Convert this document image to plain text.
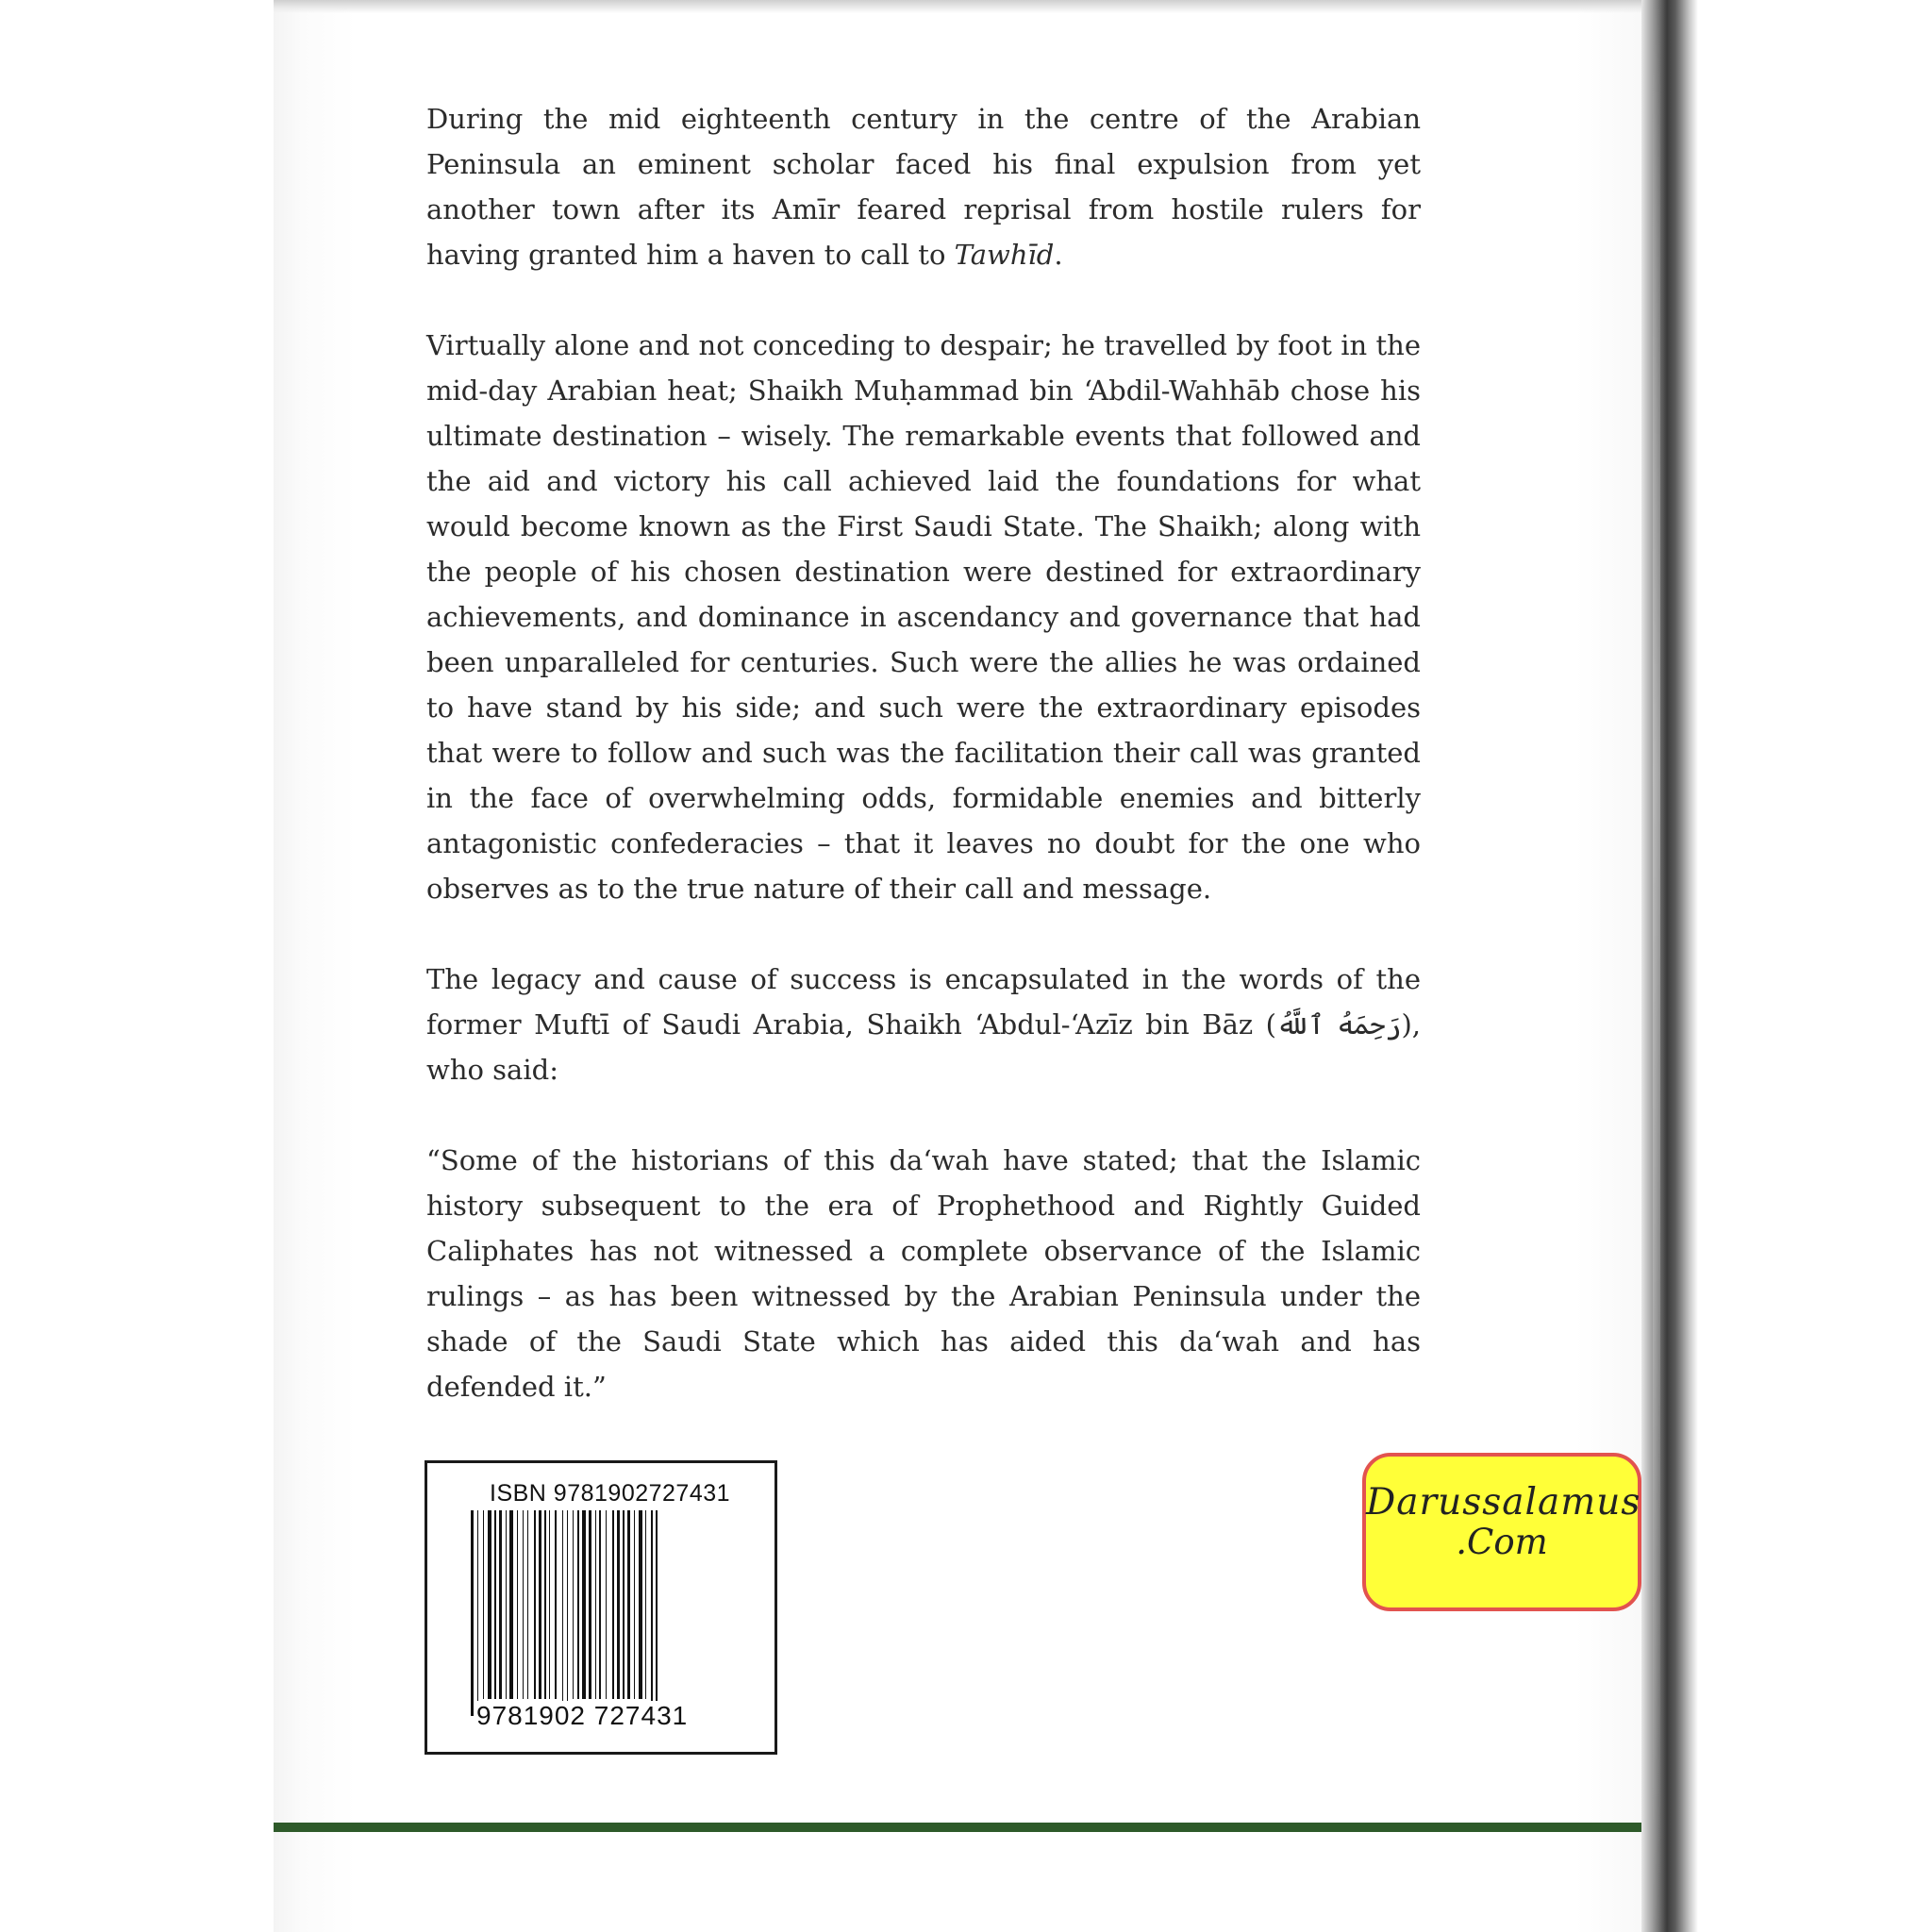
During the mid eighteenth century in the centre of the Arabian Peninsula an eminent scholar faced his final expulsion from yet another town after its Amīr feared reprisal from hostile rulers for having granted him a haven to call to Tawhīd.

Virtually alone and not conceding to despair; he travelled by foot in the mid-day Arabian heat; Shaikh Muḥammad bin ʻAbdil-Wahhāb chose his ultimate destination – wisely. The remarkable events that followed and the aid and victory his call achieved laid the foundations for what would become known as the First Saudi State. The Shaikh; along with the people of his chosen destination were destined for extraordinary achievements, and dominance in ascendancy and governance that had been unparalleled for centuries. Such were the allies he was ordained to have stand by his side; and such were the extraordinary episodes that were to follow and such was the facilitation their call was granted in the face of overwhelming odds, formidable enemies and bitterly antagonistic confederacies – that it leaves no doubt for the one who observes as to the true nature of their call and message.

The legacy and cause of success is encapsulated in the words of the former Muftī of Saudi Arabia, Shaikh ʻAbdul-ʻAzīz bin Bāz (رَحِمَهُ ٱللَّهُ), who said:

“Some of the historians of this daʻwah have stated; that the Islamic history subsequent to the era of Prophethood and Rightly Guided Caliphates has not witnessed a complete observance of the Islamic rulings – as has been witnessed by the Arabian Peninsula under the shade of the Saudi State which has aided this daʻwah and has defended it.”

ISBN 9781902727431
9781902 727431
Darussalamus
.Com
